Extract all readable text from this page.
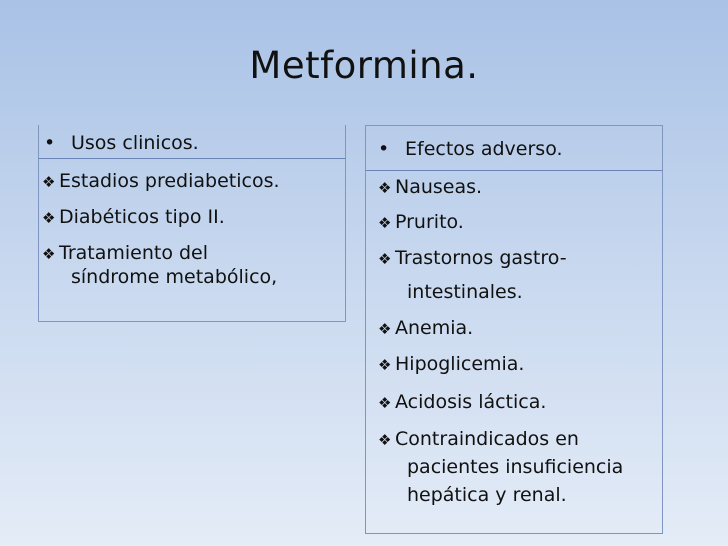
Metformina.
• Usos clinicos.
❖ Estadios prediabeticos.
❖ Diabéticos tipo II.
❖ Tratamiento del
síndrome metabólico,
• Efectos adverso.
❖ Nauseas.
❖ Prurito.
❖ Trastornos gastro-
intestinales.
❖ Anemia.
❖ Hipoglicemia.
❖ Acidosis láctica.
❖ Contraindicados en
pacientes insuficiencia
hepática y renal.
